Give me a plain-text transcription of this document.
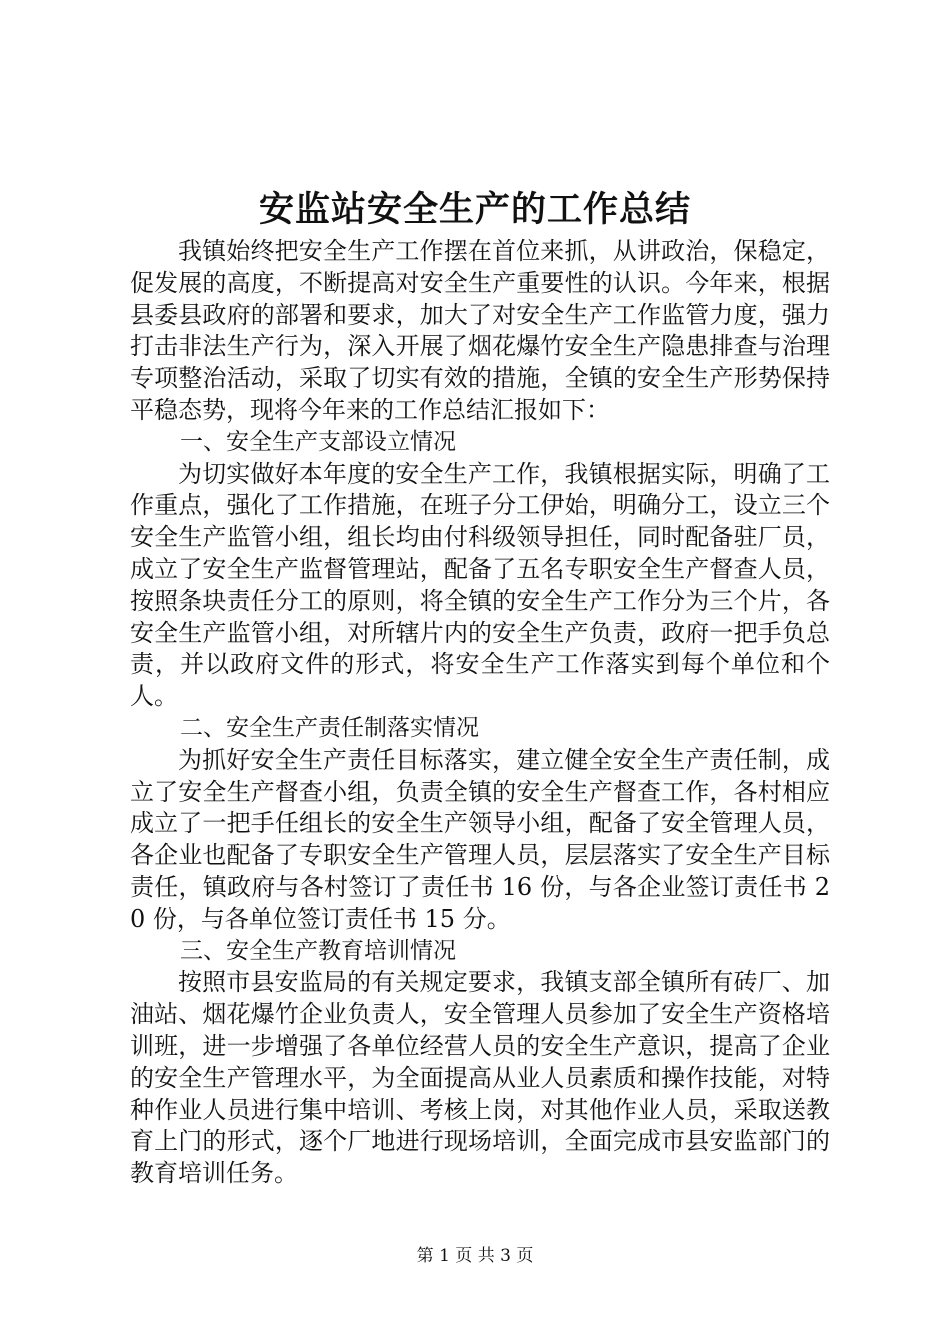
安监站安全生产的工作总结

我镇始终把安全生产工作摆在首位来抓，从讲政治，保稳定，促发展的高度，不断提高对安全生产重要性的认识。今年来，根据县委县政府的部署和要求，加大了对安全生产工作监管力度，强力打击非法生产行为，深入开展了烟花爆竹安全生产隐患排查与治理专项整治活动，采取了切实有效的措施，全镇的安全生产形势保持平稳态势，现将今年来的工作总结汇报如下：

一、安全生产支部设立情况

为切实做好本年度的安全生产工作，我镇根据实际，明确了工作重点，强化了工作措施，在班子分工伊始，明确分工，设立三个安全生产监管小组，组长均由付科级领导担任，同时配备驻厂员，成立了安全生产监督管理站，配备了五名专职安全生产督查人员，按照条块责任分工的原则，将全镇的安全生产工作分为三个片，各安全生产监管小组，对所辖片内的安全生产负责，政府一把手负总责，并以政府文件的形式，将安全生产工作落实到每个单位和个人。

二、安全生产责任制落实情况

为抓好安全生产责任目标落实，建立健全安全生产责任制，成立了安全生产督查小组，负责全镇的安全生产督查工作，各村相应成立了一把手任组长的安全生产领导小组，配备了安全管理人员，各企业也配备了专职安全生产管理人员，层层落实了安全生产目标责任，镇政府与各村签订了责任书 16 份，与各企业签订责任书 20 份，与各单位签订责任书 15 分。

三、安全生产教育培训情况

按照市县安监局的有关规定要求，我镇支部全镇所有砖厂、加油站、烟花爆竹企业负责人，安全管理人员参加了安全生产资格培训班，进一步增强了各单位经营人员的安全生产意识，提高了企业的安全生产管理水平，为全面提高从业人员素质和操作技能，对特种作业人员进行集中培训、考核上岗，对其他作业人员，采取送教育上门的形式，逐个厂地进行现场培训，全面完成市县安监部门的教育培训任务。

第 1 页 共 3 页
